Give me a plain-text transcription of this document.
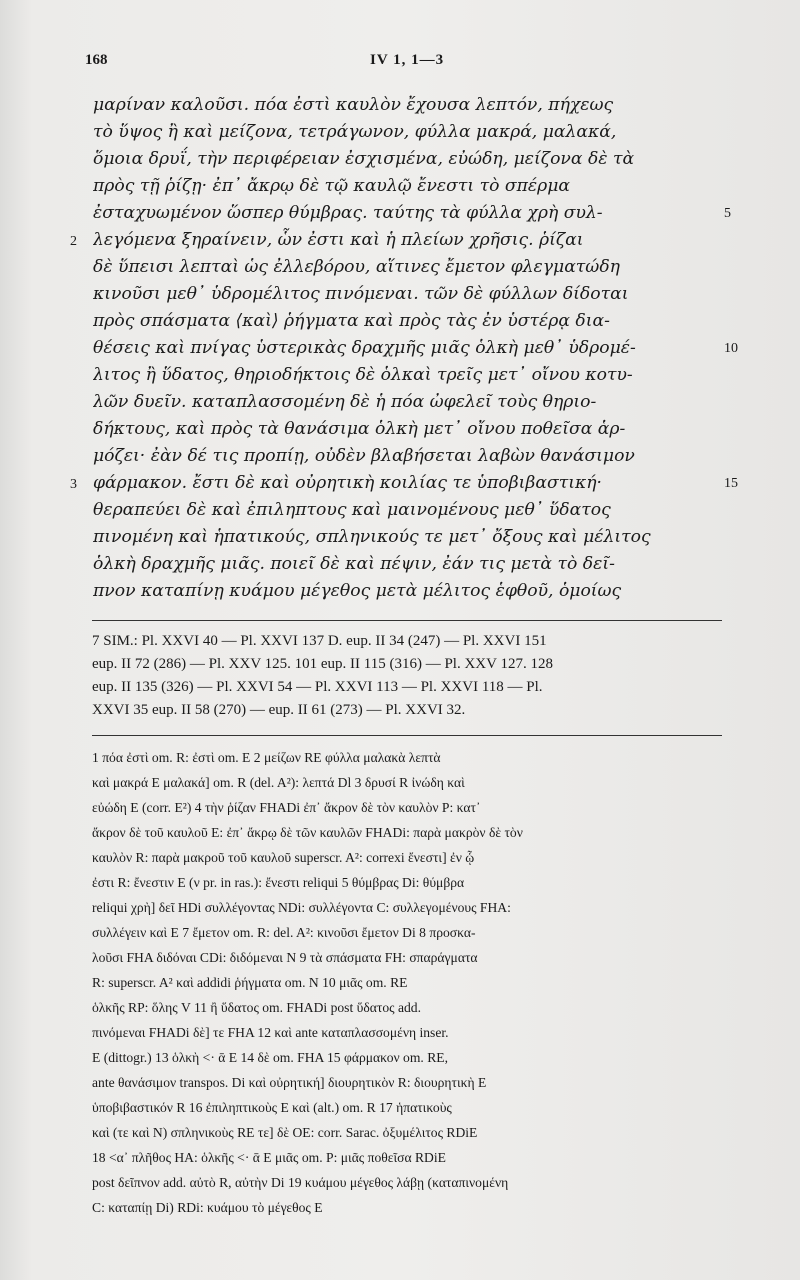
168	IV 1, 1—3
μαρίναν καλοῦσι. πόα ἐστὶ καυλὸν ἔχουσα λεπτόν, πήχεως
τὸ ὕψος ἢ καὶ μείζονα, τετράγωνον, φύλλα μακρά, μαλακά,
ὅμοια δρυΐ, τὴν περιφέρειαν ἐσχισμένα, εὐώδη, μείζονα δὲ τὰ
πρὸς τῇ ῥίζῃ· ἐπ᾽ ἄκρῳ δὲ τῷ καυλῷ ἔνεστι τὸ σπέρμα
ἐσταχυωμένον ὥσπερ θύμβρας. ταύτης τὰ φύλλα χρὴ συλ-
λεγόμενα ξηραίνειν, ὧν ἐστι καὶ ἡ πλείων χρῆσις. ῥίζαι
δὲ ὕπεισι λεπταὶ ὡς ἐλλεβόρου, αἵτινες ἔμετον φλεγματώδη
κινοῦσι μεθ᾽ ὑδρομέλιτος πινόμεναι. τῶν δὲ φύλλων δίδοται
πρὸς σπάσματα ⟨καὶ⟩ ῥήγματα καὶ πρὸς τὰς ἐν ὑστέρᾳ δια-
θέσεις καὶ πνίγας ὑστερικὰς δραχμῆς μιᾶς ὁλκὴ μεθ᾽ ὑδρομέ-
λιτος ἢ ὕδατος, θηριοδήκτοις δὲ ὁλκαὶ τρεῖς μετ᾽ οἴνου κοτυ-
λῶν δυεῖν. καταπλασσομένη δὲ ἡ πόα ὠφελεῖ τοὺς θηριο-
δήκτους, καὶ πρὸς τὰ θανάσιμα ὁλκὴ μετ᾽ οἴνου ποθεῖσα ἁρ-
μόζει· ἐὰν δέ τις προπίῃ, οὐδὲν βλαβήσεται λαβὼν θανάσιμον
φάρμακον. ἔστι δὲ καὶ οὐρητικὴ κοιλίας τε ὑποβιβαστική·
θεραπεύει δὲ καὶ ἐπιληπτους καὶ μαινομένους μεθ᾽ ὕδατος
πινομένη καὶ ἡπατικούς, σπληνικούς τε μετ᾽ ὄξους καὶ μέλιτος
ὁλκὴ δραχμῆς μιᾶς. ποιεῖ δὲ καὶ πέψιν, ἐάν τις μετὰ τὸ δεῖ-
πνον καταπίνῃ κυάμου μέγεθος μετὰ μέλιτος ἑφθοῦ, ὁμοίως
2
3
5
10
15
7 SIM.: Pl. XXVI 40 — Pl. XXVI 137 D. eup. II 34 (247) — Pl. XXVI 151
eup. II 72 (286) — Pl. XXV 125. 101 eup. II 115 (316) — Pl. XXV 127. 128
eup. II 135 (326) — Pl. XXVI 54 — Pl. XXVI 113 — Pl. XXVI 118 — Pl.
XXVI 35 eup. II 58 (270) — eup. II 61 (273) — Pl. XXVI 32.
1 πόα ἐστὶ om. R: ἐστὶ om. E 2 μείζων RE φύλλα μαλακὰ λεπτὰ
καὶ μακρά E μαλακά] om. R (del. A²): λεπτά Dl 3 δρυσί R ἰνώδη καὶ
εὐώδη E (corr. E²) 4 τὴν ῥίζαν FHADi ἐπ᾽ ἄκρον δὲ τὸν καυλὸν P: κατ᾽
ἄκρον δὲ τοῦ καυλοῦ E: ἐπ᾽ ἄκρῳ δὲ τῶν καυλῶν FHADi: παρὰ μακρὸν δὲ τὸν
καυλὸν R: παρὰ μακροῦ τοῦ καυλοῦ superscr. A²: correxi ἔνεστι] ἐν ᾧ
ἐστι R: ἔνεστιν E (ν pr. in ras.): ἔνεστι reliqui 5 θύμβρας Di: θύμβρα
reliqui χρὴ] δεῖ HDi συλλέγοντας NDi: συλλέγοντα C: συλλεγομένους FHA:
συλλέγειν καὶ E 7 ἔμετον om. R: del. A²: κινοῦσι ἔμετον Di 8 προσκα-
λοῦσι FHA διδόναι CDi: διδόμεναι N 9 τὰ σπάσματα FH: σπαράγματα
R: superscr. A² καὶ addidi ῥήγματα om. N 10 μιᾶς om. RE
ὁλκῆς RP: ὅλης V 11 ἢ ὕδατος om. FHADi post ὕδατος add.
πινόμεναι FHADi δὲ] τε FHA 12 καὶ ante καταπλασσομένη inser.
E (dittogr.) 13 ὁλκὴ <· ᾱ E 14 δὲ om. FHA 15 φάρμακον om. RE,
ante θανάσιμον transpos. Di καὶ οὐρητική] διουρητικὸν R: διουρητικὴ E
ὑποβιβαστικόν R 16 ἐπιληπτικοὺς E καὶ (alt.) om. R 17 ἡπατικοὺς
καὶ (τε καὶ N) σπληνικοὺς RE τε] δὲ OE: corr. Sarac. ὀξυμέλιτος RDiE
18 <α᾽ πλῆθος HA: ὁλκῆς <· ᾱ E μιᾶς om. P: μιᾶς ποθεῖσα RDiE
post δεῖπνον add. αὐτὸ R, αὐτὴν Di 19 κυάμου μέγεθος λάβῃ (καταπινομένη
C: καταπίῃ Di) RDi: κυάμου τὸ μέγεθος E
